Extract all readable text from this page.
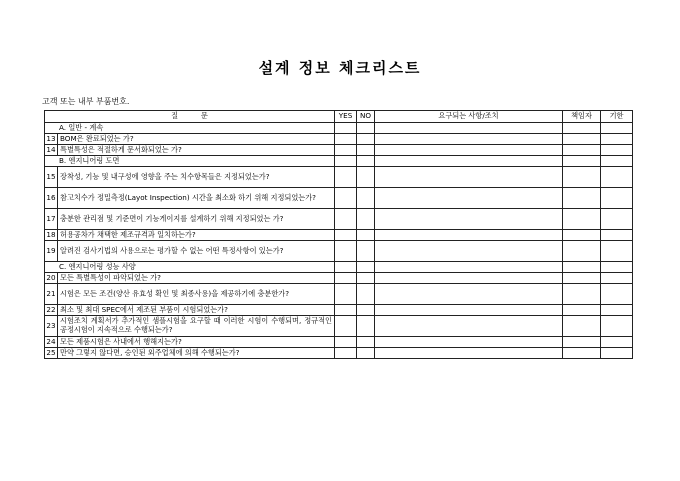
설계 정보 체크리스트
고객 또는 내부 부품번호.
질          문		YES	NO	요구되는 사항/조치	책임자	기한
A. 일반 - 계속						
13	BOM은 완료되었는 가?					
14	특별특성은 적절하게 문서화되었는 가?					
B. 엔지니어링 도면						
15	장착성, 기능 및 내구성에 영향을 주는 치수항목들은 지정되었는가?					
16	참고치수가 정밀측정(Layot Inspection) 시간을 최소화 하기 위해 지정되었는가?					
17	충분한 관리점 및 기준면이 기능게이지를 설계하기 위해 지정되었는 가?					
18	허용공차가 채택한 제조규격과 일치하는가?					
19	알려진 검사기법의 사용으로는 평가할 수 없는 어떤 특정사항이 있는가?					
C. 엔지니어링 성능 사양						
20	모든 특별특성이 파악되었는 가?					
21	시험은 모든 조건(양산 유효성 확인 및 최종사용)을 제공하기에 충분한가?					
22	최소 및 최대 SPEC에서 제조된 부품이 시험되었는가?					
23	시험조치 계획서가 추가적인 샘플시험을 요구할 때 이러한 시험이 수행되며, 정규적인 공정시험이 지속적으로 수행되는가?					
24	모든 제품시험은 사내에서 행해지는가?					
25	만약 그렇지 않다면, 승인된 외주업체에 의해 수행되는가?					
